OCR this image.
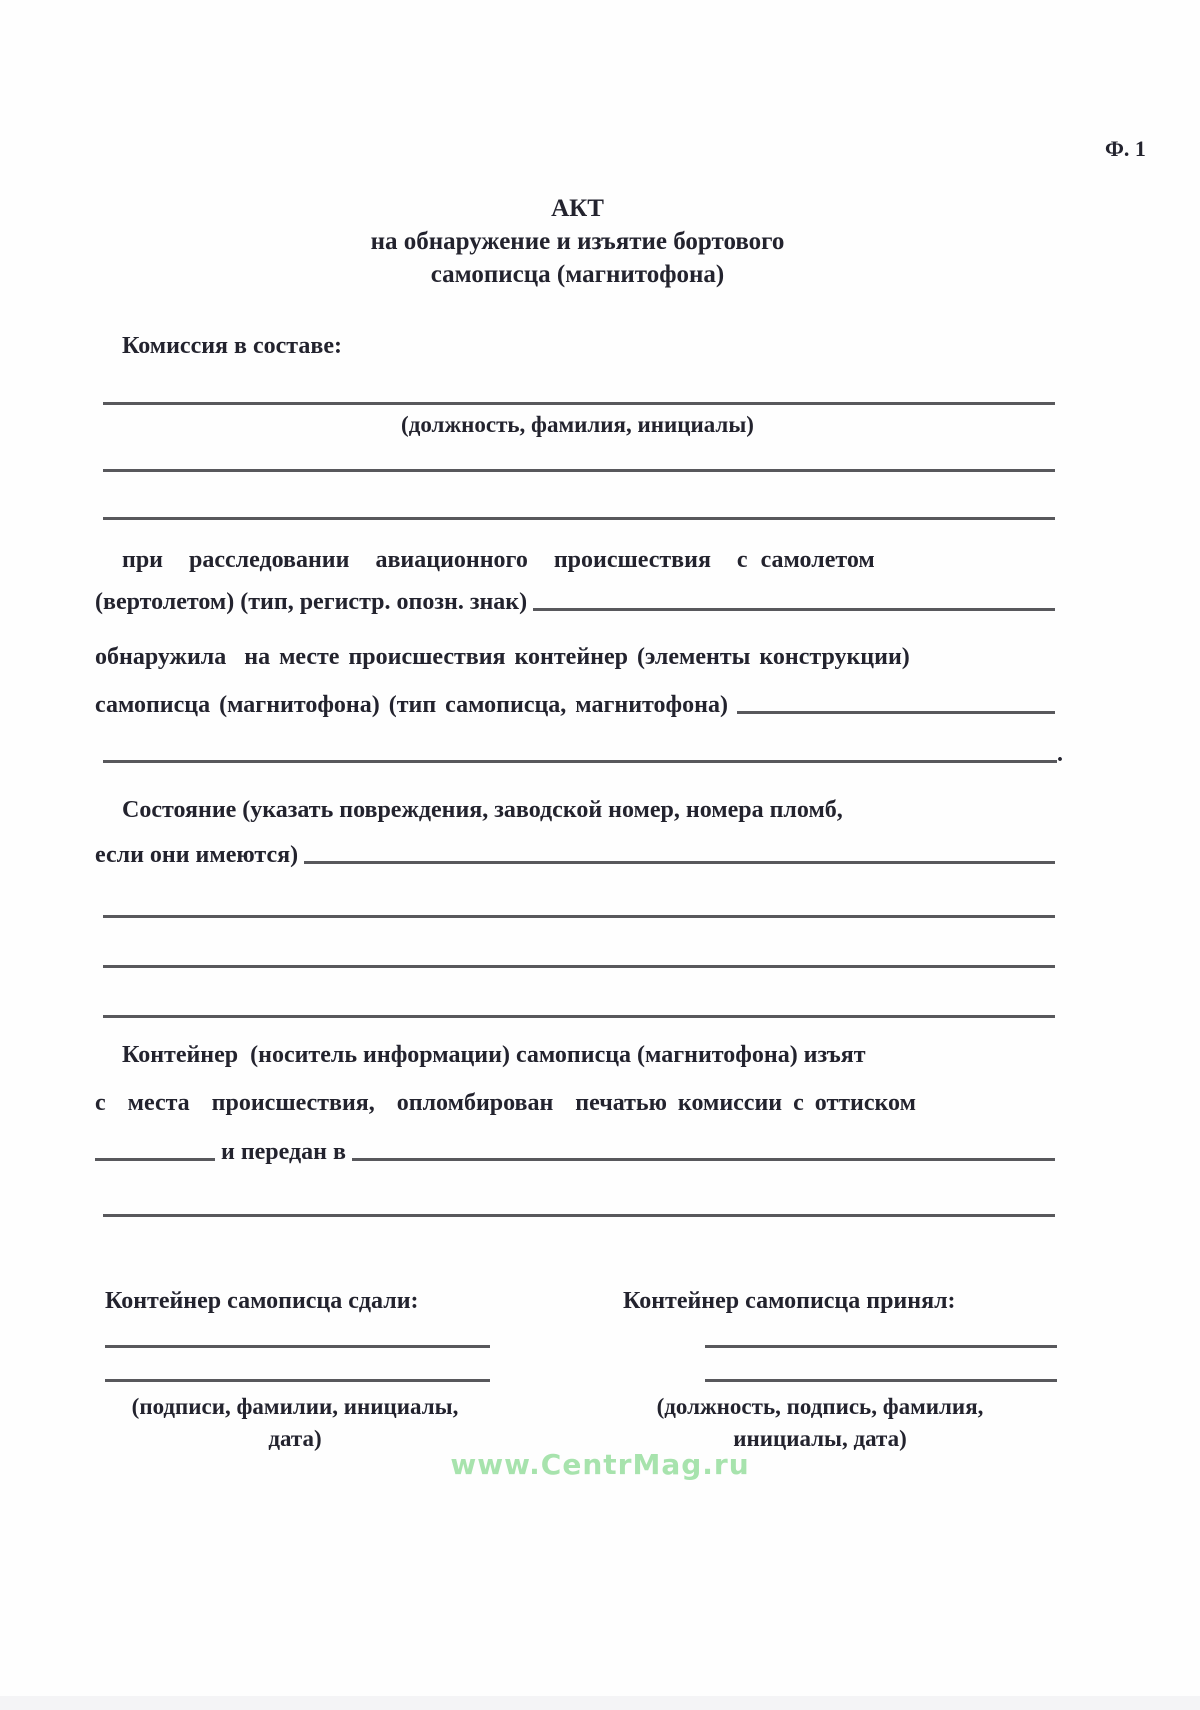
Ф. 1
АКТ
на обнаружение и изъятие бортового
самописца (магнитофона)
Комиссия в составе:
(должность, фамилия, инициалы)
при  расследовании  авиационного  происшествия  с самолетом
(вертолетом) (тип, регистр. опозн. знак)
обнаружила  на месте происшествия контейнер (элементы конструкции)
самописца (магнитофона) (тип самописца, магнитофона)
.
Состояние (указать повреждения, заводской номер, номера пломб,
если они имеются)
Контейнер  (носитель информации) самописца (магнитофона) изъят
с  места  происшествия,  опломбирован  печатью комиссии с оттиском
и передан в
Контейнер самописца сдали:	Контейнер самописца принял:
(подписи, фамилии, инициалы,
дата)
(должность, подпись, фамилия,
инициалы, дата)
www.CentrMag.ru
